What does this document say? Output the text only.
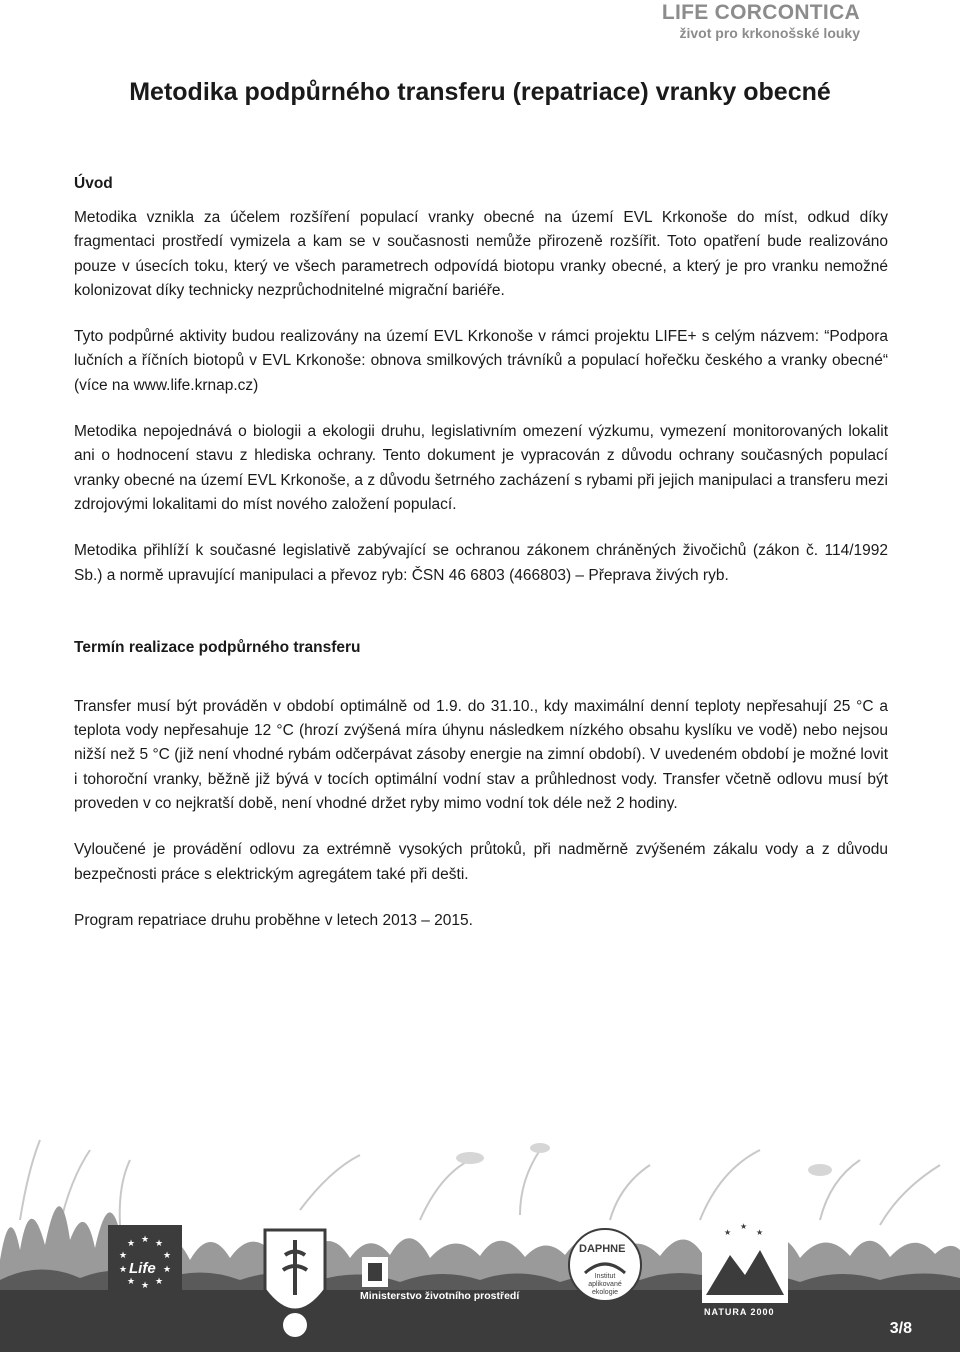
LIFE CORCONTICA
život pro krkonošské louky
Metodika podpůrného transferu (repatriace) vranky obecné
Úvod

Metodika vznikla za účelem rozšíření populací vranky obecné na území EVL Krkonoše do míst, odkud díky fragmentaci prostředí vymizela a kam se v současnosti nemůže přirozeně rozšířit. Toto opatření bude realizováno pouze v úsecích toku, který ve všech parametrech odpovídá biotopu vranky obecné, a který je pro vranku nemožné kolonizovat díky technicky nezprůchodnitelné migrační bariéře.

Tyto podpůrné aktivity budou realizovány na území EVL Krkonoše v rámci projektu LIFE+ s celým názvem: “Podpora lučních a říčních biotopů v EVL Krkonoše: obnova smilkových trávníků a populací hořečku českého a vranky obecné“ (více na www.life.krnap.cz)

Metodika nepojednává o biologii a ekologii druhu, legislativním omezení výzkumu, vymezení monitorovaných lokalit ani o hodnocení stavu z hlediska ochrany. Tento dokument je vypracován z důvodu ochrany současných populací vranky obecné na území EVL Krkonoše, a z důvodu šetrného zacházení s rybami při jejich manipulaci a transferu mezi zdrojovými lokalitami do míst nového založení populací.

Metodika přihlíží k současné legislativě zabývající se ochranou zákonem chráněných živočichů (zákon č. 114/1992 Sb.) a normě upravující manipulaci a převoz ryb: ČSN 46 6803 (466803) – Přeprava živých ryb.

Termín realizace podpůrného transferu

Transfer musí být prováděn v období optimálně od 1.9. do 31.10., kdy maximální denní teploty nepřesahují 25 °C a teplota vody nepřesahuje 12 °C (hrozí zvýšená míra úhynu následkem nízkého obsahu kyslíku ve vodě) nebo nejsou nižší než 5 °C (již není vhodné rybám odčerpávat zásoby energie na zimní období). V uvedeném období je možné lovit i tohoroční vranky, běžně již bývá v tocích optimální vodní stav a průhlednost vody. Transfer včetně odlovu musí být proveden v co nejkratší době, není vhodné držet ryby mimo vodní tok déle než 2 hodiny.

Vyloučené je provádění odlovu za extrémně vysokých průtoků, při nadměrně zvýšeném zákalu vody a z důvodu bezpečnosti práce s elektrickým agregátem také při dešti.

Program repatriace druhu proběhne v letech 2013 – 2015.

★ ★
★
★
★
★
★
★
★
★
Life
Ministerstvo životního prostředí
DAPHNE
Institut aplikované ekologie
★
★
★
NATURA 2000
3/8
